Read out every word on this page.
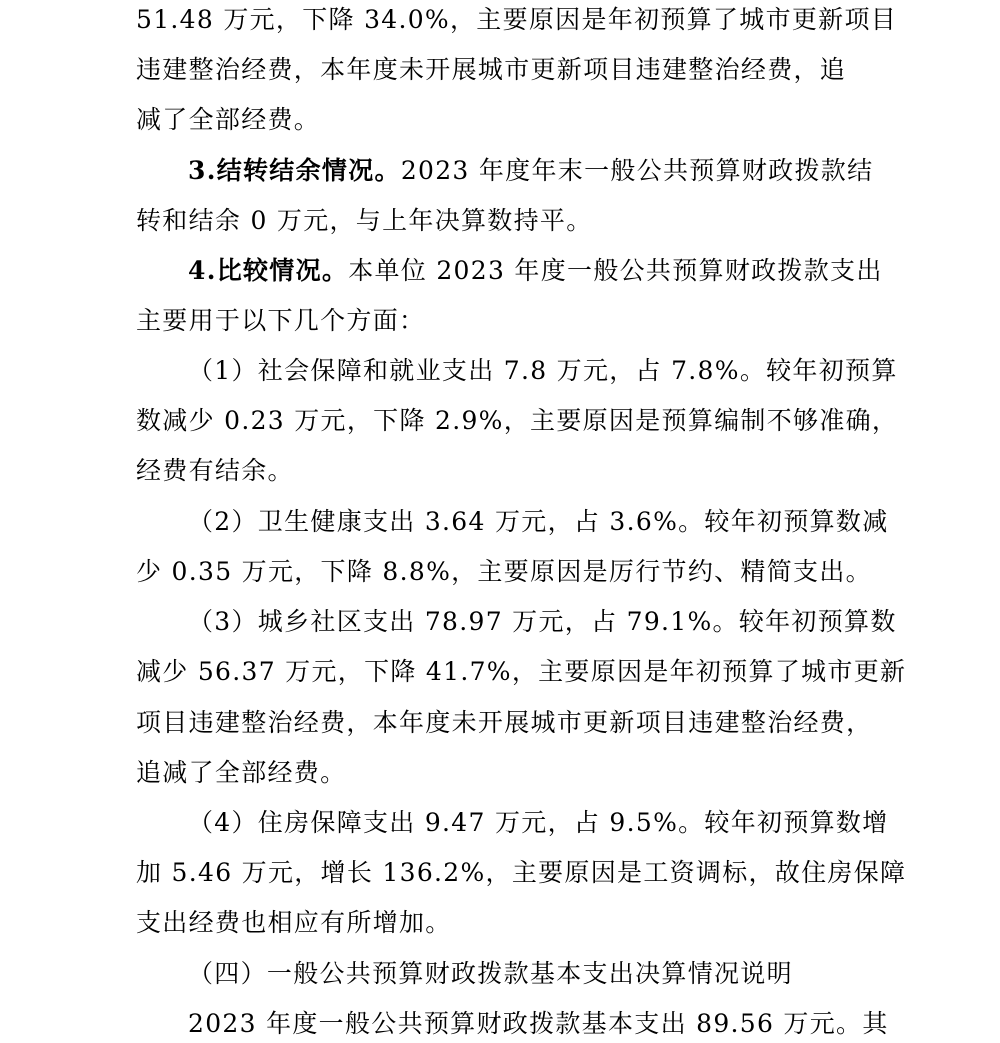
51.48 万元，下降 34.0%，主要原因是年初预算了城市更新项目
违建整治经费，本年度未开展城市更新项目违建整治经费，追
减了全部经费。
3.结转结余情况。2023 年度年末一般公共预算财政拨款结
转和结余 0 万元，与上年决算数持平。
4.比较情况。本单位 2023 年度一般公共预算财政拨款支出
主要用于以下几个方面：
（1）社会保障和就业支出 7.8 万元，占 7.8%。较年初预算
数减少 0.23 万元，下降 2.9%，主要原因是预算编制不够准确，
经费有结余。
（2）卫生健康支出 3.64 万元，占 3.6%。较年初预算数减
少 0.35 万元，下降 8.8%，主要原因是厉行节约、精简支出。
（3）城乡社区支出 78.97 万元，占 79.1%。较年初预算数
减少 56.37 万元，下降 41.7%，主要原因是年初预算了城市更新
项目违建整治经费，本年度未开展城市更新项目违建整治经费，
追减了全部经费。
（4）住房保障支出 9.47 万元，占 9.5%。较年初预算数增
加 5.46 万元，增长 136.2%，主要原因是工资调标，故住房保障
支出经费也相应有所增加。
（四）一般公共预算财政拨款基本支出决算情况说明
2023 年度一般公共预算财政拨款基本支出 89.56 万元。其
